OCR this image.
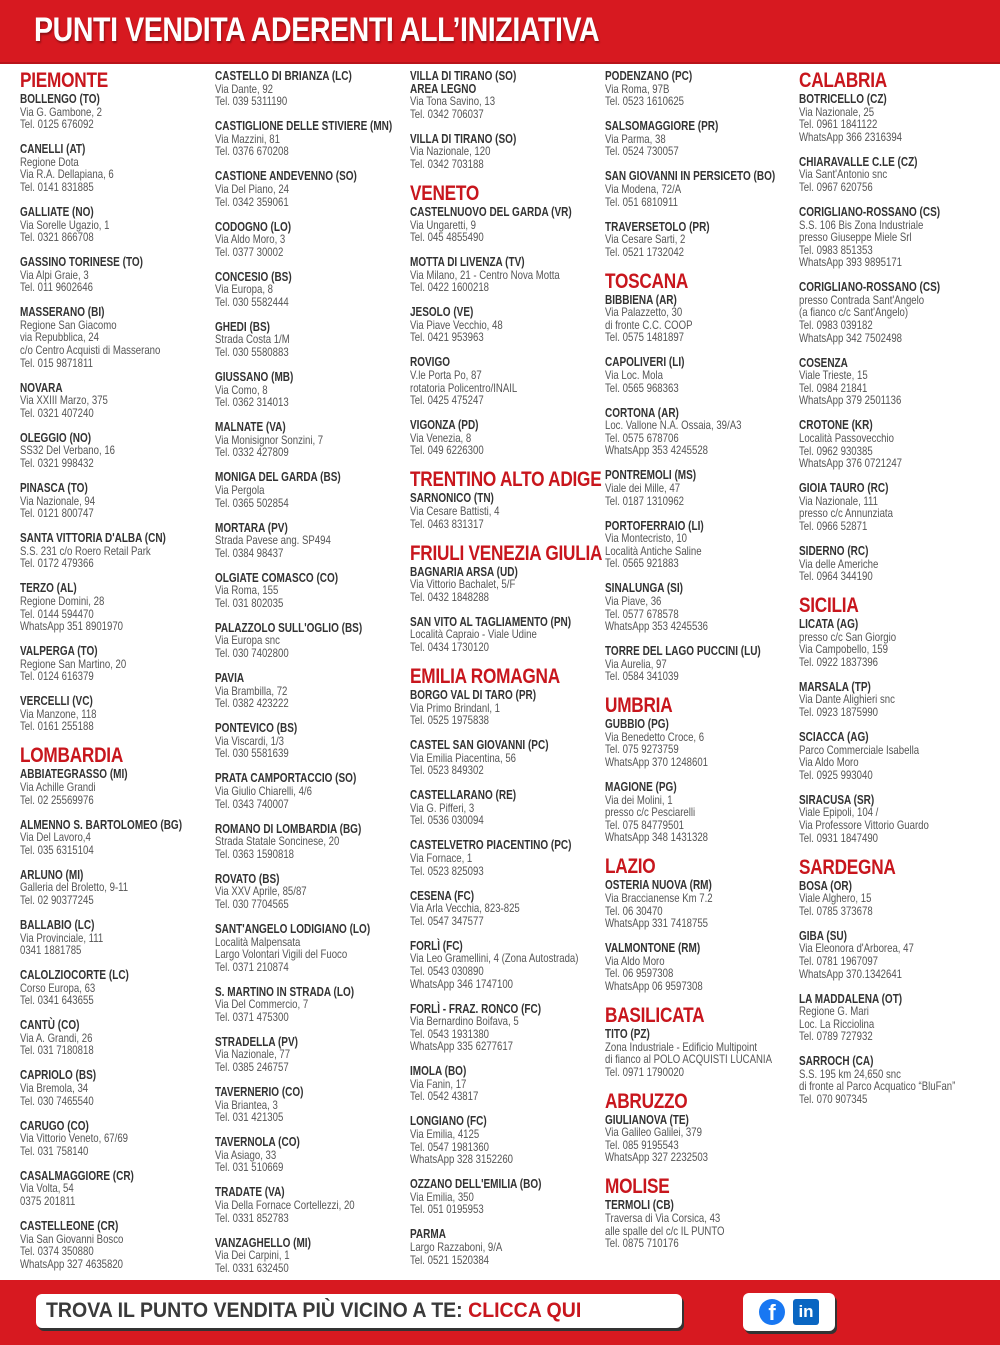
PUNTI VENDITA ADERENTI ALL’INIZIATIVA
PIEMONTE
BOLLENGO (TO)
Via G. Gambone, 2
Tel. 0125 676092
CANELLI (AT)
Regione Dota
Via R.A. Dellapiana, 6
Tel. 0141 831885
GALLIATE (NO)
Via Sorelle Ugazio, 1
Tel. 0321 866708
GASSINO TORINESE (TO)
Via Alpi Graie, 3
Tel. 011 9602646
MASSERANO (BI)
Regione San Giacomo
via Repubblica, 24
c/o Centro Acquisti di Masserano
Tel. 015 9871811
NOVARA
Via XXIII Marzo, 375
Tel. 0321 407240
OLEGGIO (NO)
SS32 Del Verbano, 16
Tel. 0321 998432
PINASCA (TO)
Via Nazionale, 94
Tel. 0121 800747
SANTA VITTORIA D'ALBA (CN)
S.S. 231 c/o Roero Retail Park
Tel. 0172 479366
TERZO (AL)
Regione Domini, 28
Tel. 0144 594470
WhatsApp 351 8901970
VALPERGA (TO)
Regione San Martino, 20
Tel. 0124 616379
VERCELLI (VC)
Via Manzone, 118
Tel. 0161 255188
LOMBARDIA
ABBIATEGRASSO (MI)
Via Achille Grandi
Tel. 02 25569976
ALMENNO S. BARTOLOMEO (BG)
Via Del Lavoro,4
Tel. 035 6315104
ARLUNO (MI)
Galleria del Broletto, 9-11
Tel. 02 90377245
BALLABIO (LC)
Via Provinciale, 111
0341 1881785
CALOLZIOCORTE (LC)
Corso Europa, 63
Tel. 0341 643655
CANTÙ (CO)
Via A. Grandi, 26
Tel. 031 7180818
CAPRIOLO (BS)
Via Bremola, 34
Tel. 030 7465540
CARUGO (CO)
Via Vittorio Veneto, 67/69
Tel. 031 758140
CASALMAGGIORE (CR)
Via Volta, 54
0375 201811
CASTELLEONE (CR)
Via San Giovanni Bosco
Tel. 0374 350880
WhatsApp 327 4635820
CASTELLO DI BRIANZA (LC)
Via Dante, 92
Tel. 039 5311190
CASTIGLIONE DELLE STIVIERE (MN)
Via Mazzini, 81
Tel. 0376 670208
CASTIONE ANDEVENNO (SO)
Via Del Piano, 24
Tel. 0342 359061
CODOGNO (LO)
Via Aldo Moro, 3
Tel. 0377 30002
CONCESIO (BS)
Via Europa, 8
Tel. 030 5582444
GHEDI (BS)
Strada Costa 1/M
Tel. 030 5580883
GIUSSANO (MB)
Via Como, 8
Tel. 0362 314013
MALNATE (VA)
Via Monisignor Sonzini, 7
Tel. 0332 427809
MONIGA DEL GARDA (BS)
Via Pergola
Tel. 0365 502854
MORTARA (PV)
Strada Pavese ang. SP494
Tel. 0384 98437
OLGIATE COMASCO (CO)
Via Roma, 155
Tel. 031 802035
PALAZZOLO SULL'OGLIO (BS)
Via Europa snc
Tel. 030 7402800
PAVIA
Via Brambilla, 72
Tel. 0382 423222
PONTEVICO (BS)
Via Viscardi, 1/3
Tel. 030 5581639
PRATA CAMPORTACCIO (SO)
Via Giulio Chiarelli, 4/6
Tel. 0343 740007
ROMANO DI LOMBARDIA (BG)
Strada Statale Soncinese, 20
Tel. 0363 1590818
ROVATO (BS)
Via XXV Aprile, 85/87
Tel. 030 7704565
SANT'ANGELO LODIGIANO (LO)
Località Malpensata
Largo Volontari Vigili del Fuoco
Tel. 0371 210874
S. MARTINO IN STRADA (LO)
Via Del Commercio, 7
Tel. 0371 475300
STRADELLA (PV)
Via Nazionale, 77
Tel. 0385 246757
TAVERNERIO (CO)
Via Briantea, 3
Tel. 031 421305
TAVERNOLA (CO)
Via Asiago, 33
Tel. 031 510669
TRADATE (VA)
Via Della Fornace Cortellezzi, 20
Tel. 0331 852783
VANZAGHELLO (MI)
Via Dei Carpini, 1
Tel. 0331 632450
VILLA DI TIRANO (SO)
AREA LEGNO
Via Tona Savino, 13
Tel. 0342 706037
VILLA DI TIRANO (SO)
Via Nazionale, 120
Tel. 0342 703188
VENETO
CASTELNUOVO DEL GARDA (VR)
Via Ungaretti, 9
Tel. 045 4855490
MOTTA DI LIVENZA (TV)
Via Milano, 21 - Centro Nova Motta
Tel. 0422 1600218
JESOLO (VE)
Via Piave Vecchio, 48
Tel. 0421 953963
ROVIGO
V.le Porta Po, 87
rotatoria Policentro/INAIL
Tel. 0425 475247
VIGONZA (PD)
Via Venezia, 8
Tel. 049 6226300
TRENTINO ALTO ADIGE
SARNONICO (TN)
Via Cesare Battisti, 4
Tel. 0463 831317
FRIULI VENEZIA GIULIA
BAGNARIA ARSA (UD)
Via Vittorio Bachalet, 5/F
Tel. 0432 1848288
SAN VITO AL TAGLIAMENTO (PN)
Località Capraio - Viale Udine
Tel. 0434 1730120
EMILIA ROMAGNA
BORGO VAL DI TARO (PR)
Via Primo Brindanl, 1
Tel. 0525 1975838
CASTEL SAN GIOVANNI (PC)
Via Emilia Piacentina, 56
Tel. 0523 849302
CASTELLARANO (RE)
Via G. Pifferi, 3
Tel. 0536 030094
CASTELVETRO PIACENTINO (PC)
Via Fornace, 1
Tel. 0523 825093
CESENA (FC)
Via Arla Vecchia, 823-825
Tel. 0547 347577
FORLÌ (FC)
Via Leo Gramellini, 4 (Zona Autostrada)
Tel. 0543 030890
WhatsApp 346 1747100
FORLÌ - FRAZ. RONCO (FC)
Via Bernardino Boifava, 5
Tel. 0543 1931380
WhatsApp 335 6277617
IMOLA (BO)
Via Fanin, 17
Tel. 0542 43817
LONGIANO (FC)
Via Emilia, 4125
Tel. 0547 1981360
WhatsApp 328 3152260
OZZANO DELL'EMILIA (BO)
Via Emilia, 350
Tel. 051 0195953
PARMA
Largo Razzaboni, 9/A
Tel. 0521 1520384
PODENZANO (PC)
Via Roma, 97B
Tel. 0523 1610625
SALSOMAGGIORE (PR)
Via Parma, 38
Tel. 0524 730057
SAN GIOVANNI IN PERSICETO (BO)
Via Modena, 72/A
Tel. 051 6810911
TRAVERSETOLO (PR)
Via Cesare Sarti, 2
Tel. 0521 1732042
TOSCANA
BIBBIENA (AR)
Via Palazzetto, 30
di fronte C.C. COOP
Tel. 0575 1481897
CAPOLIVERI (LI)
Via Loc. Mola
Tel. 0565 968363
CORTONA (AR)
Loc. Vallone N.A. Ossaia, 39/A3
Tel. 0575 678706
WhatsApp 353 4245528
PONTREMOLI (MS)
Viale dei Mille, 47
Tel. 0187 1310962
PORTOFERRAIO (LI)
Via Montecristo, 10
Località Antiche Saline
Tel. 0565 921883
SINALUNGA (SI)
Via Piave, 36
Tel. 0577 678578
WhatsApp 353 4245536
TORRE DEL LAGO PUCCINI (LU)
Via Aurelia, 97
Tel. 0584 341039
UMBRIA
GUBBIO (PG)
Via Benedetto Croce, 6
Tel. 075 9273759
WhatsApp 370 1248601
MAGIONE (PG)
Via dei Molini, 1
presso c/c Pesciarelli
Tel. 075 84779501
WhatsApp 348 1431328
LAZIO
OSTERIA NUOVA (RM)
Via Braccianense Km 7.2
Tel. 06 30470
WhatsApp 331 7418755
VALMONTONE (RM)
Via Aldo Moro
Tel. 06 9597308
WhatsApp 06 9597308
BASILICATA
TITO (PZ)
Zona Industriale - Edificio Multipoint
di fianco al POLO ACQUISTI LUCANIA
Tel. 0971 1790020
ABRUZZO
GIULIANOVA (TE)
Via Galileo Galilei, 379
Tel. 085 9195543
WhatsApp 327 2232503
MOLISE
TERMOLI (CB)
Traversa di Via Corsica, 43
alle spalle del c/c IL PUNTO
Tel. 0875 710176
CALABRIA
BOTRICELLO (CZ)
Via Nazionale, 25
Tel. 0961 1841122
WhatsApp 366 2316394
CHIARAVALLE C.LE (CZ)
Via Sant'Antonio snc
Tel. 0967 620756
CORIGLIANO-ROSSANO (CS)
S.S. 106 Bis Zona Industriale
presso Giuseppe Miele Srl
Tel. 0983 851353
WhatsApp 393 9895171
CORIGLIANO-ROSSANO (CS)
presso Contrada Sant'Angelo
(a fianco c/c Sant'Angelo)
Tel. 0983 039182
WhatsApp 342 7502498
COSENZA
Viale Trieste, 15
Tel. 0984 21841
WhatsApp 379 2501136
CROTONE (KR)
Località Passovecchio
Tel. 0962 930385
WhatsApp 376 0721247
GIOIA TAURO (RC)
Via Nazionale, 111
presso c/c Annunziata
Tel. 0966 52871
SIDERNO (RC)
Via delle Americhe
Tel. 0964 344190
SICILIA
LICATA (AG)
presso c/c San Giorgio
Via Campobello, 159
Tel. 0922 1837396
MARSALA (TP)
Via Dante Alighieri snc
Tel. 0923 1875990
SCIACCA (AG)
Parco Commerciale Isabella
Via Aldo Moro
Tel. 0925 993040
SIRACUSA (SR)
Viale Epipoli, 104 /
Via Professore Vittorio Guardo
Tel. 0931 1847490
SARDEGNA
BOSA (OR)
Viale Alghero, 15
Tel. 0785 373678
GIBA (SU)
Via Eleonora d'Arborea, 47
Tel. 0781 1967097
WhatsApp 370.1342641
LA MADDALENA (OT)
Regione G. Mari
Loc. La Ricciolina
Tel. 0789 727932
SARROCH (CA)
S.S. 195 km 24,650 snc
di fronte al Parco Acquatico “BluFan”
Tel. 070 907345
TROVA IL PUNTO VENDITA PIÙ VICINO A TE: CLICCA QUI	f	in
